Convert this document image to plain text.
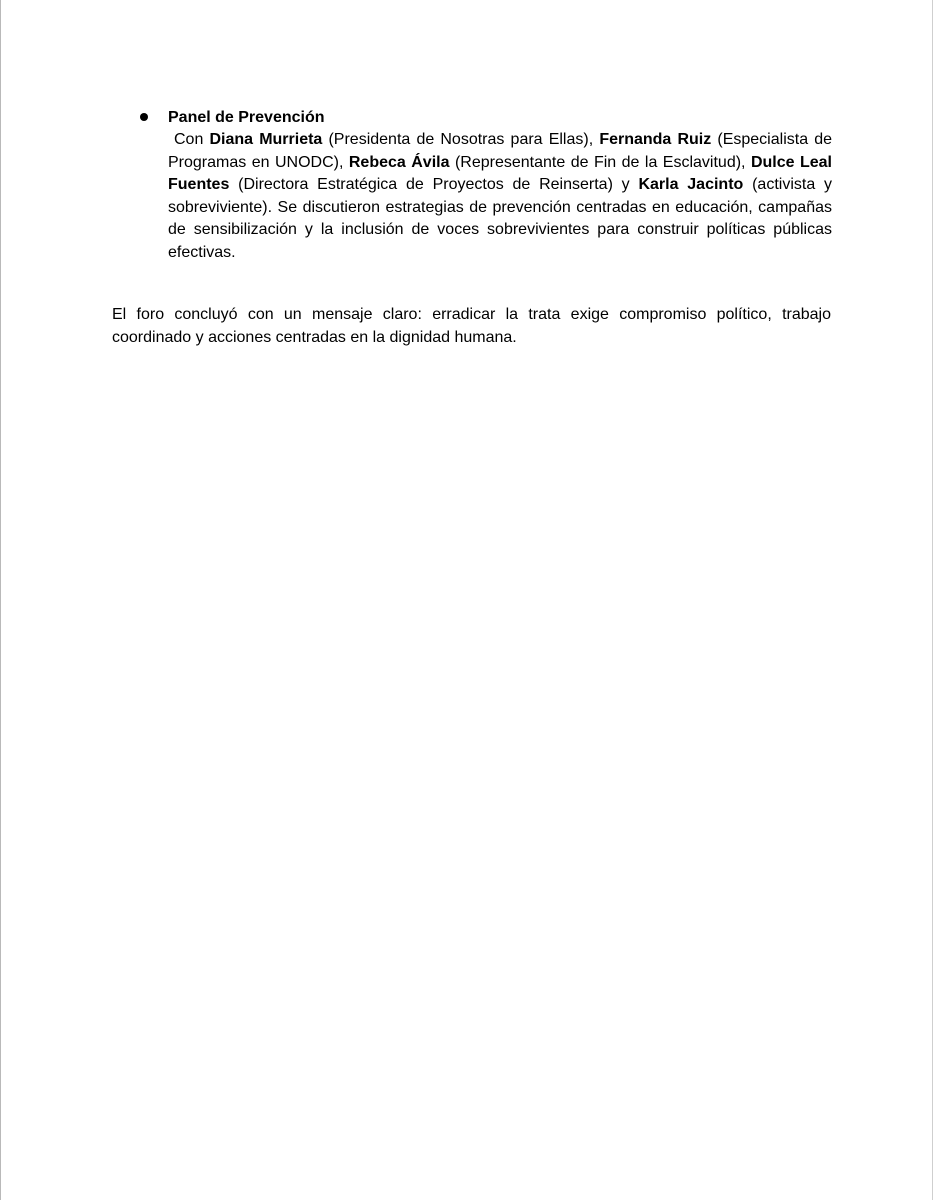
Panel de Prevención

Con Diana Murrieta (Presidenta de Nosotras para Ellas), Fernanda Ruiz (Especialista de Programas en UNODC), Rebeca Ávila (Representante de Fin de la Esclavitud), Dulce Leal Fuentes (Directora Estratégica de Proyectos de Reinserta) y Karla Jacinto (activista y sobreviviente). Se discutieron estrategias de prevención centradas en educación, campañas de sensibilización y la inclusión de voces sobrevivientes para construir políticas públicas efectivas.

El foro concluyó con un mensaje claro: erradicar la trata exige compromiso político, trabajo coordinado y acciones centradas en la dignidad humana.
